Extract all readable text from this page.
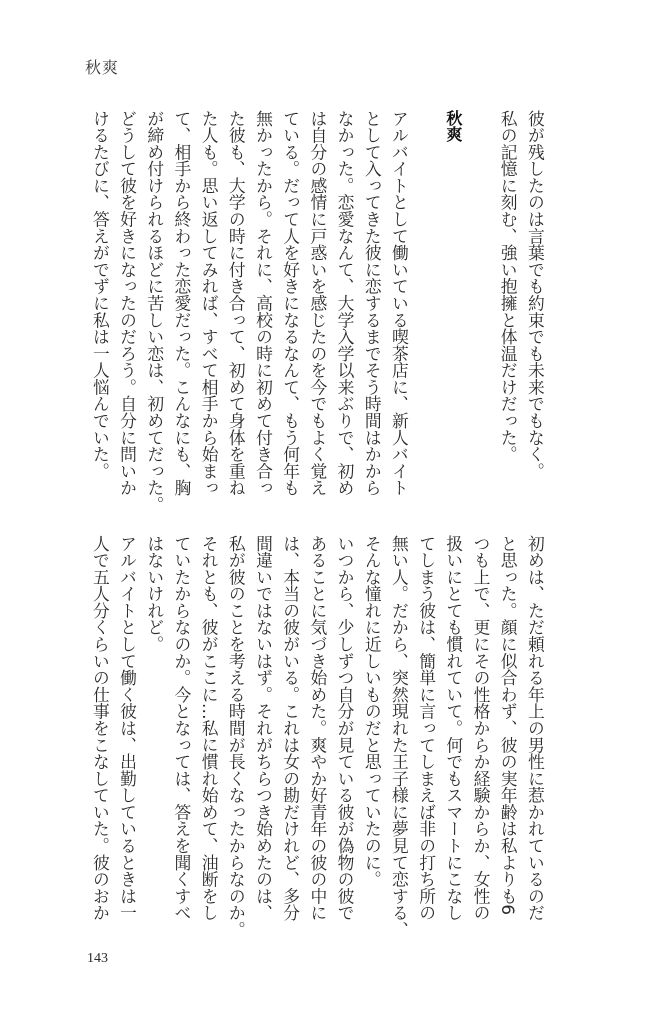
秋爽
彼が残したのは言葉でも約束でも未来でもなく。
私の記憶に刻む、強い抱擁と体温だけだった。
秋爽
アルバイトとして働いている喫茶店に、新人バイト
として入ってきた彼に恋するまでそう時間はかから
なかった。恋愛なんて、大学入学以来ぶりで、初め
は自分の感情に戸惑いを感じたのを今でもよく覚え
ている。だって人を好きになるなんて、もう何年も
無かったから。それに、高校の時に初めて付き合っ
た彼も、大学の時に付き合って、初めて身体を重ね
た人も。思い返してみれば、すべて相手から始まっ
て、相手から終わった恋愛だった。こんなにも、胸
が締め付けられるほどに苦しい恋は、初めてだった。
どうして彼を好きになったのだろう。自分に問いか
けるたびに、答えがでずに私は一人悩んでいた。
初めは、ただ頼れる年上の男性に惹かれているのだ
と思った。顔に似合わず、彼の実年齢は私よりも6
つも上で、更にその性格からか経験からか、女性の
扱いにとても慣れていて。何でもスマートにこなし
てしまう彼は、簡単に言ってしまえば非の打ち所の
無い人。だから、突然現れた王子様に夢見て恋する、
そんな憧れに近しいものだと思っていたのに。
いつから、少しずつ自分が見ている彼が偽物の彼で
あることに気づき始めた。爽やか好青年の彼の中に
は、本当の彼がいる。これは女の勘だけれど、多分
間違いではないはず。それがちらつき始めたのは、
私が彼のことを考える時間が長くなったからなのか。
それとも、彼がここに…私に慣れ始めて、油断をし
ていたからなのか。今となっては、答えを聞くすべ
はないけれど。
アルバイトとして働く彼は、出勤しているときは一
人で五人分くらいの仕事をこなしていた。彼のおか
143
